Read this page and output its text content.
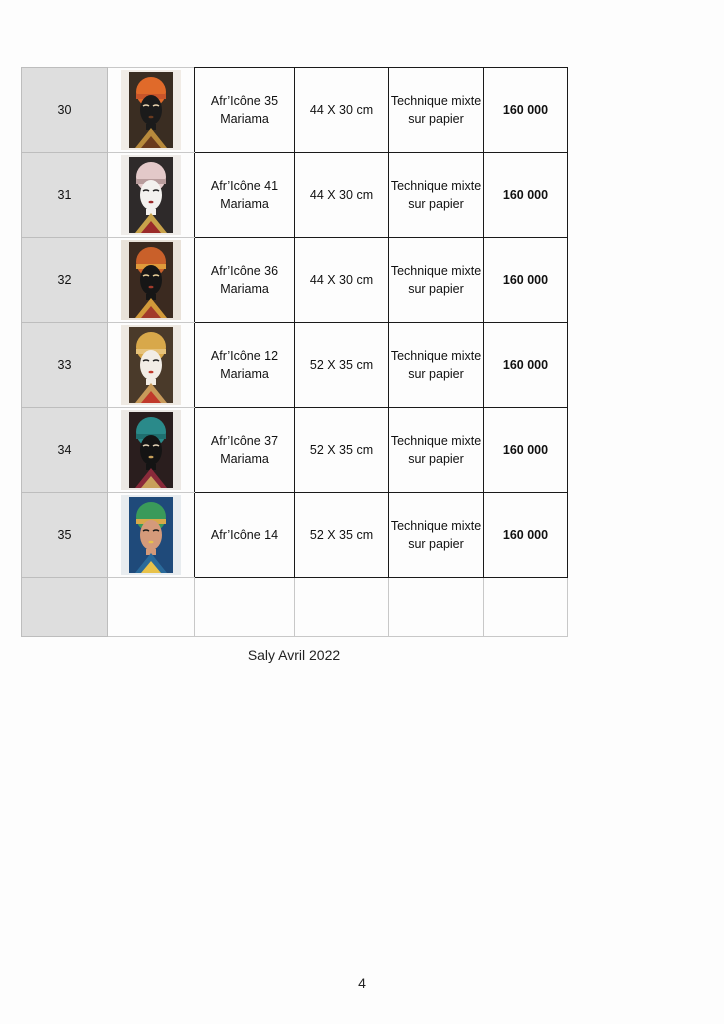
30		Afr’Icône 35 Mariama	44 X 30 cm	Technique mixte sur papier	160 000
31		Afr’Icône 41 Mariama	44 X 30 cm	Technique mixte sur papier	160 000
32		Afr’Icône 36 Mariama	44 X 30 cm	Technique mixte sur papier	160 000
33		Afr’Icône 12 Mariama	52 X 35 cm	Technique mixte sur papier	160 000
34		Afr’Icône 37 Mariama	52 X 35 cm	Technique mixte sur papier	160 000
35		Afr’Icône 14	52 X 35 cm	Technique mixte sur papier	160 000

Saly Avril 2022
4
